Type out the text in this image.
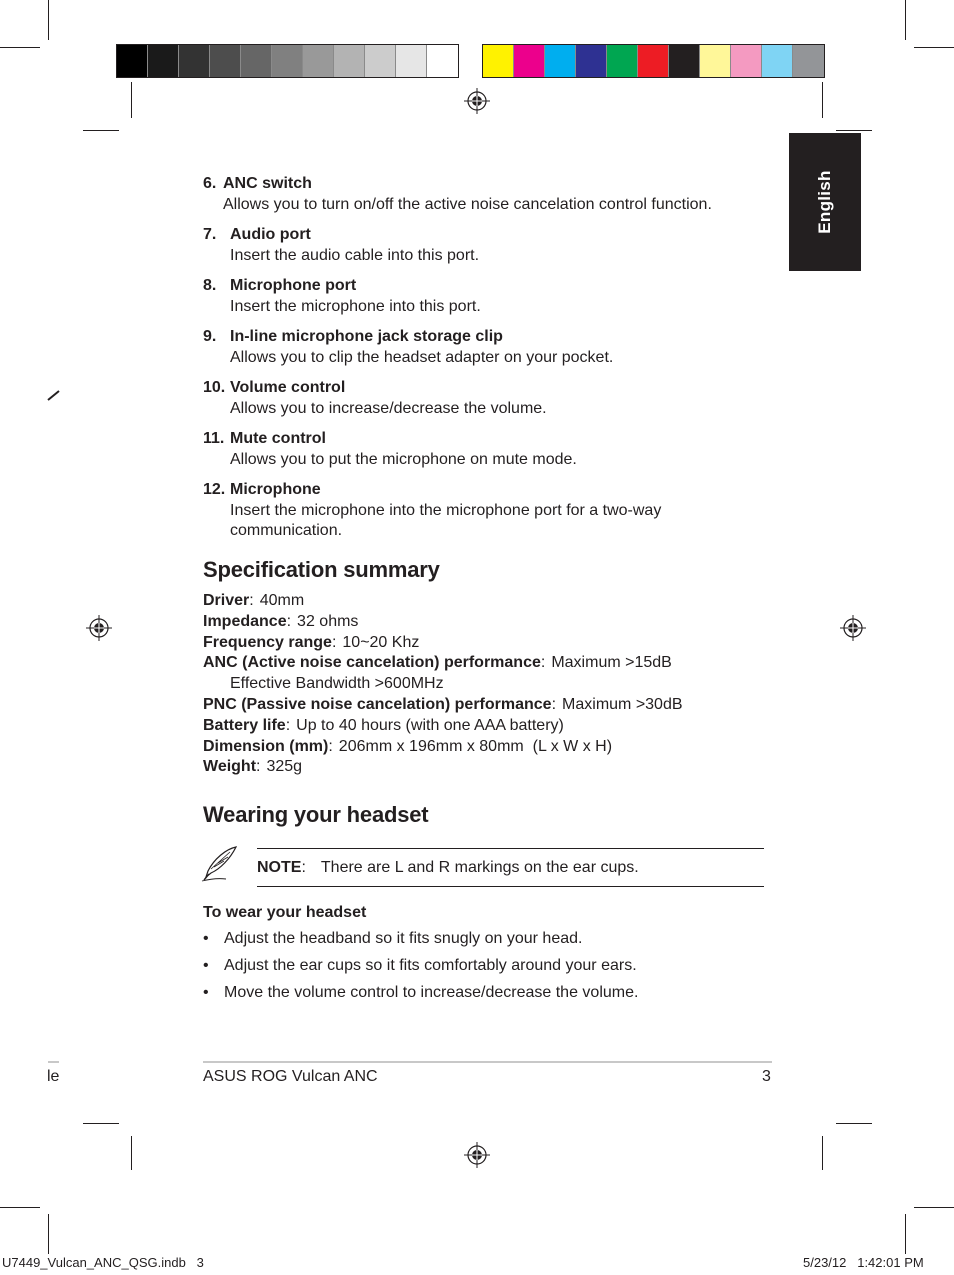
English
6. ANC switch
Allows you to turn on/off the active noise cancelation control function.
7. Audio port
Insert the audio cable into this port.
8. Microphone port
Insert the microphone into this port.
9. In-line microphone jack storage clip
Allows you to clip the headset adapter on your pocket.
10. Volume control
Allows you to increase/decrease the volume.
11. Mute control
Allows you to put the microphone on mute mode.
12. Microphone
Insert the microphone into the microphone port for a two-way communication.
Specification summary
Driver: 40mm
Impedance: 32 ohms
Frequency range: 10~20 Khz
ANC (Active noise cancelation) performance: Maximum >15dB
Effective Bandwidth >600MHz
PNC (Passive noise cancelation) performance: Maximum >30dB
Battery life: Up to 40 hours (with one AAA battery)
Dimension (mm): 206mm x 196mm x 80mm  (L x W x H)
Weight: 325g
Wearing your headset
NOTE : There are L and R markings on the ear cups.
To wear your headset
• Adjust the headband so it fits snugly on your head.
• Adjust the ear cups so it fits comfortably around your ears.
• Move the volume control to increase/decrease the volume.
le	ASUS ROG Vulcan ANC	3
U7449_Vulcan_ANC_QSG.indb   3	5/23/12   1:42:01 PM
